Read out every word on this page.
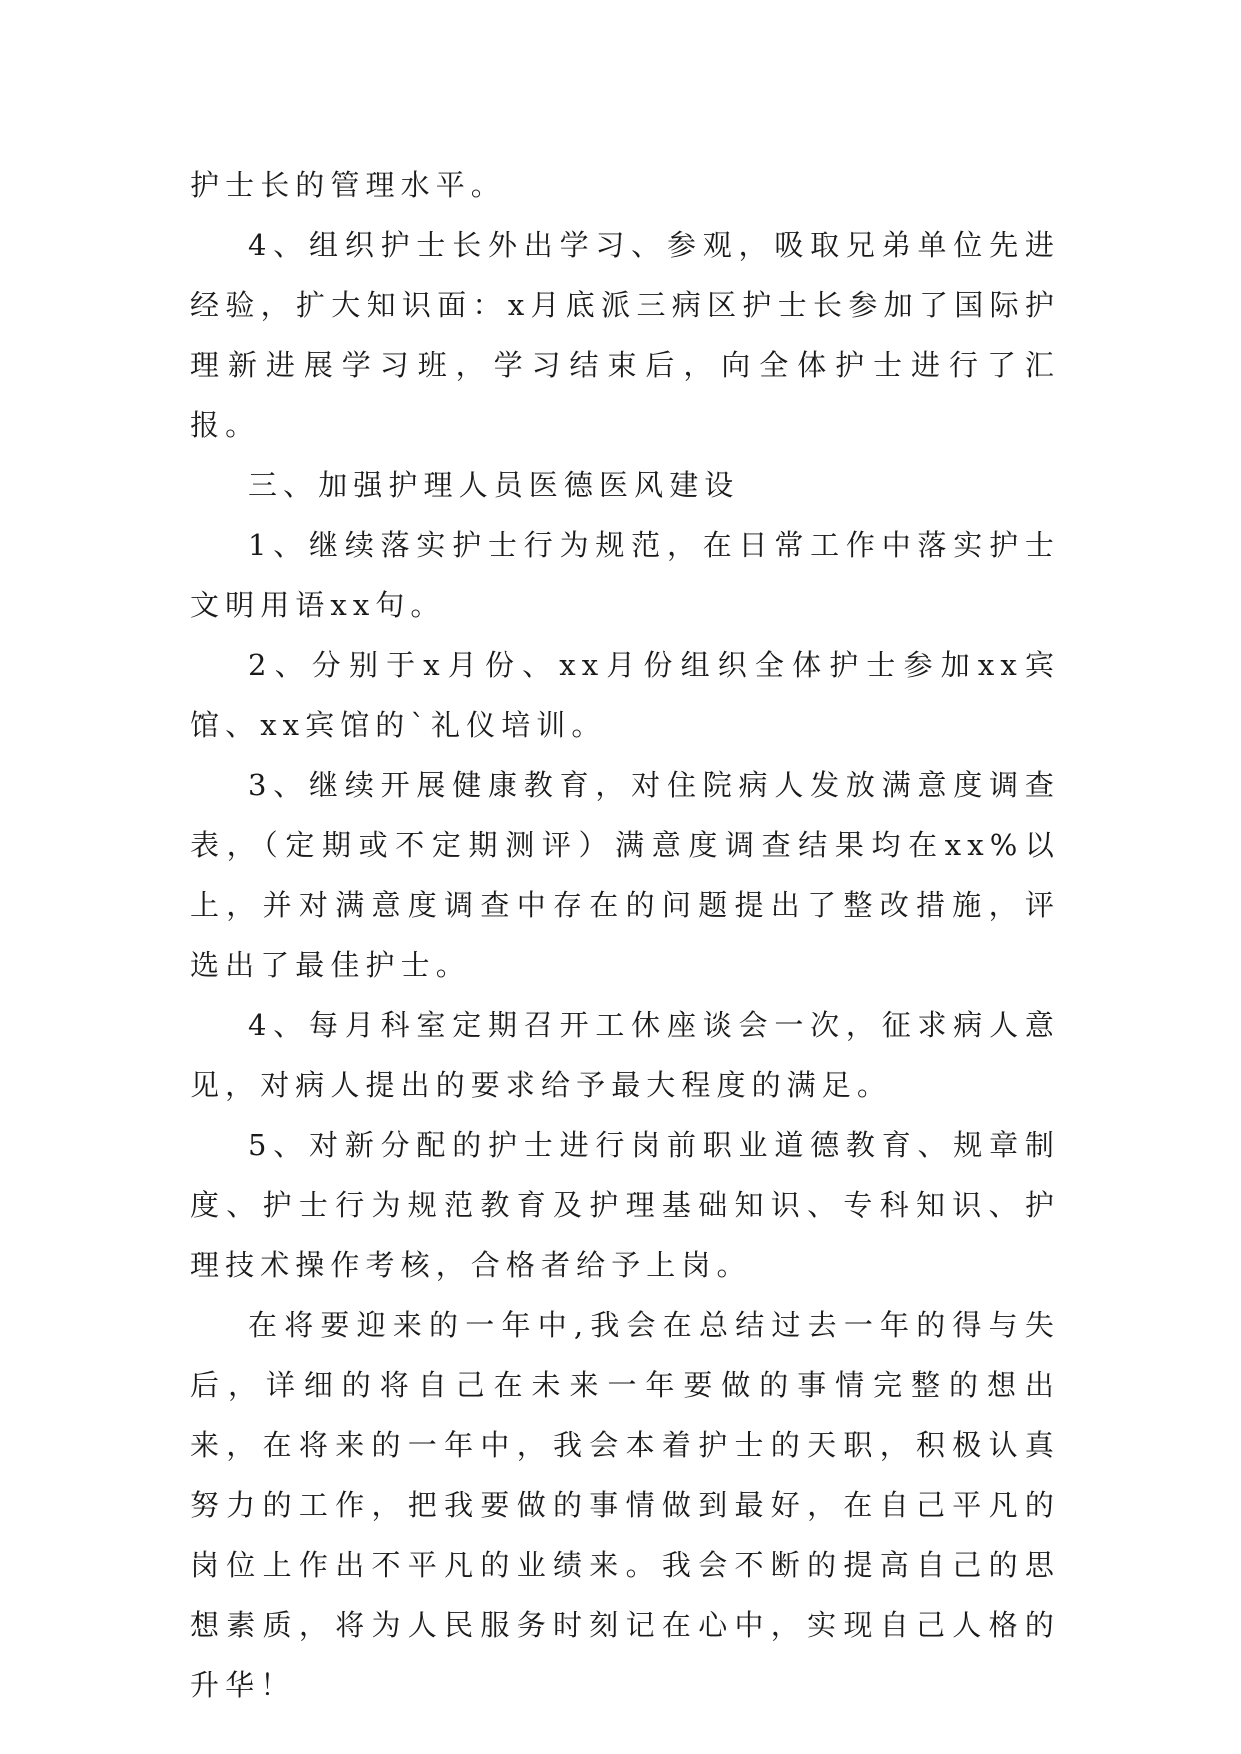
护士长的管理水平。

4、组织护士长外出学习、参观，吸取兄弟单位先进经验，扩大知识面：x月底派三病区护士长参加了国际护理新进展学习班，学习结束后，向全体护士进行了汇报。

三、加强护理人员医德医风建设

1、继续落实护士行为规范，在日常工作中落实护士文明用语xx句。

2、分别于x月份、xx月份组织全体护士参加xx宾馆、xx宾馆的`礼仪培训。

3、继续开展健康教育，对住院病人发放满意度调查表，（定期或不定期测评）满意度调查结果均在xx%以上，并对满意度调查中存在的问题提出了整改措施，评选出了最佳护士。

4、每月科室定期召开工休座谈会一次，征求病人意见，对病人提出的要求给予最大程度的满足。

5、对新分配的护士进行岗前职业道德教育、规章制度、护士行为规范教育及护理基础知识、专科知识、护理技术操作考核，合格者给予上岗。

在将要迎来的一年中,我会在总结过去一年的得与失后，详细的将自己在未来一年要做的事情完整的想出来，在将来的一年中，我会本着护士的天职，积极认真努力的工作，把我要做的事情做到最好，在自己平凡的岗位上作出不平凡的业绩来。我会不断的提高自己的思想素质，将为人民服务时刻记在心中，实现自己人格的升华！
